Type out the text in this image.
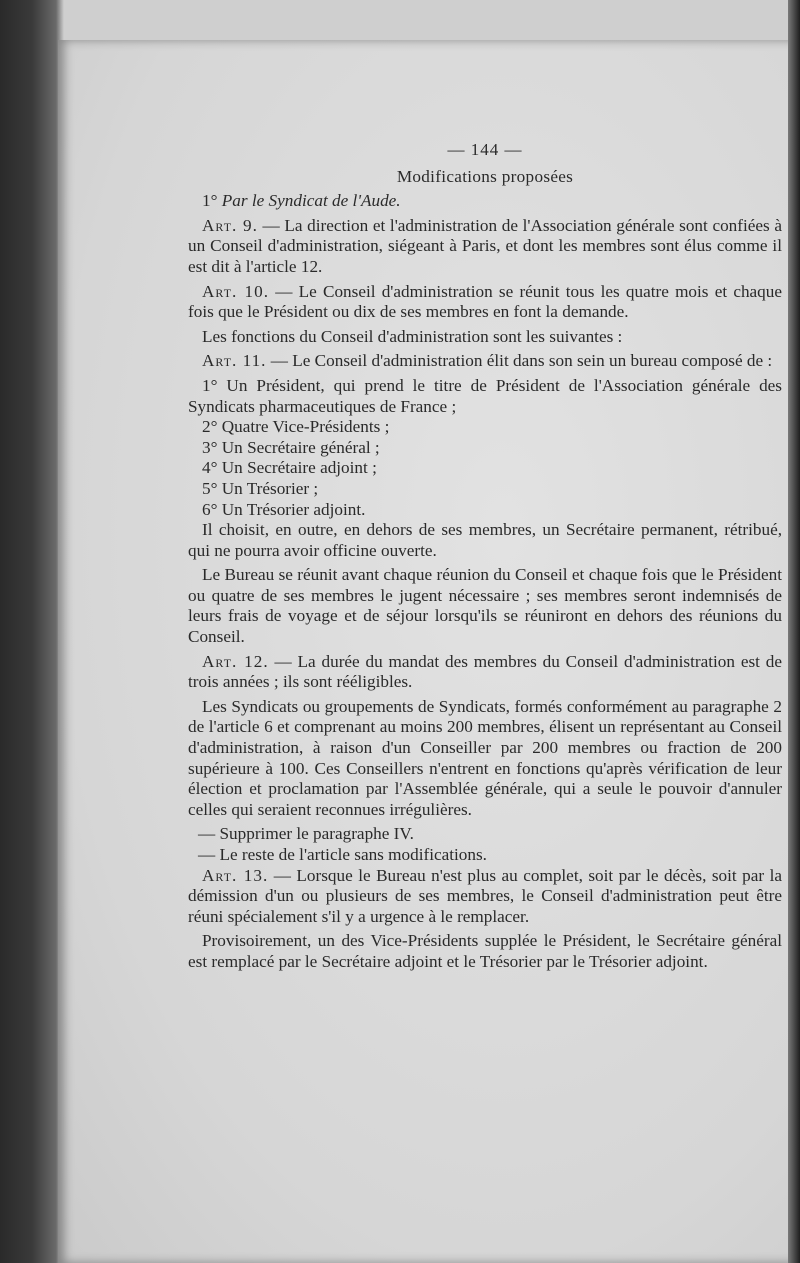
— 144 —
Modifications proposées

1° Par le Syndicat de l'Aude.

Art. 9. — La direction et l'administration de l'Association générale sont confiées à un Conseil d'administration, siégeant à Paris, et dont les membres sont élus comme il est dit à l'article 12.

Art. 10. — Le Conseil d'administration se réunit tous les quatre mois et chaque fois que le Président ou dix de ses membres en font la demande.

Les fonctions du Conseil d'administration sont les suivantes :

Art. 11. — Le Conseil d'administration élit dans son sein un bureau composé de :

1° Un Président, qui prend le titre de Président de l'Association générale des Syndicats pharmaceutiques de France ;

2° Quatre Vice-Présidents ;

3° Un Secrétaire général ;

4° Un Secrétaire adjoint ;

5° Un Trésorier ;

6° Un Trésorier adjoint.

Il choisit, en outre, en dehors de ses membres, un Secrétaire permanent, rétribué, qui ne pourra avoir officine ouverte.

Le Bureau se réunit avant chaque réunion du Conseil et chaque fois que le Président ou quatre de ses membres le jugent nécessaire ; ses membres seront indemnisés de leurs frais de voyage et de séjour lorsqu'ils se réuniront en dehors des réunions du Conseil.

Art. 12. — La durée du mandat des membres du Conseil d'administration est de trois années ; ils sont rééligibles.

Les Syndicats ou groupements de Syndicats, formés conformément au paragraphe 2 de l'article 6 et comprenant au moins 200 membres, élisent un représentant au Conseil d'administration, à raison d'un Conseiller par 200 membres ou fraction de 200 supérieure à 100. Ces Conseillers n'entrent en fonctions qu'après vérification de leur élection et proclamation par l'Assemblée générale, qui a seule le pouvoir d'annuler celles qui seraient reconnues irrégulières.

— Supprimer le paragraphe IV.

— Le reste de l'article sans modifications.

Art. 13. — Lorsque le Bureau n'est plus au complet, soit par le décès, soit par la démission d'un ou plusieurs de ses membres, le Conseil d'administration peut être réuni spécialement s'il y a urgence à le remplacer.

Provisoirement, un des Vice-Présidents supplée le Président, le Secrétaire général est remplacé par le Secrétaire adjoint et le Trésorier par le Trésorier adjoint.
